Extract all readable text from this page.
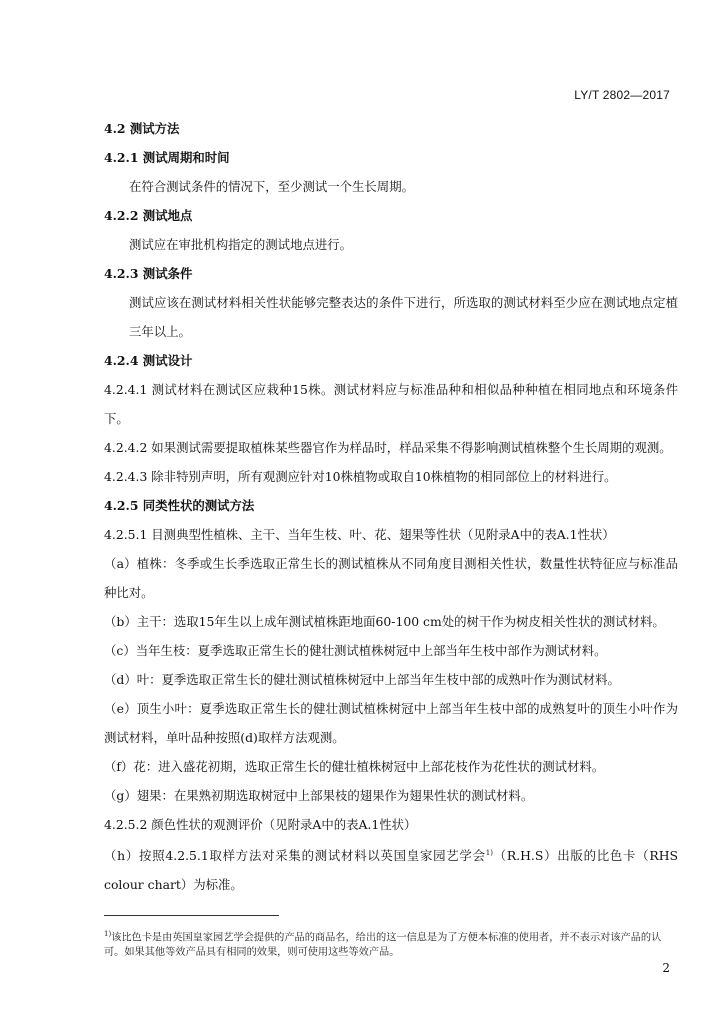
LY/T 2802—2017
4.2 测试方法
4.2.1 测试周期和时间
在符合测试条件的情况下，至少测试一个生长周期。
4.2.2 测试地点
测试应在审批机构指定的测试地点进行。
4.2.3 测试条件
测试应该在测试材料相关性状能够完整表达的条件下进行，所选取的测试材料至少应在测试地点定植三年以上。
4.2.4 测试设计
4.2.4.1 测试材料在测试区应栽种15株。测试材料应与标准品种和相似品种种植在相同地点和环境条件下。
4.2.4.2 如果测试需要提取植株某些器官作为样品时，样品采集不得影响测试植株整个生长周期的观测。
4.2.4.3 除非特别声明，所有观测应针对10株植物或取自10株植物的相同部位上的材料进行。
4.2.5 同类性状的测试方法
4.2.5.1 目测典型性植株、主干、当年生枝、叶、花、翅果等性状（见附录A中的表A.1性状）
（a）植株：冬季或生长季选取正常生长的测试植株从不同角度目测相关性状，数量性状特征应与标准品种比对。
（b）主干：选取15年生以上成年测试植株距地面60-100 cm处的树干作为树皮相关性状的测试材料。
（c）当年生枝：夏季选取正常生长的健壮测试植株树冠中上部当年生枝中部作为测试材料。
（d）叶：夏季选取正常生长的健壮测试植株树冠中上部当年生枝中部的成熟叶作为测试材料。
（e）顶生小叶：夏季选取正常生长的健壮测试植株树冠中上部当年生枝中部的成熟复叶的顶生小叶作为测试材料，单叶品种按照(d)取样方法观测。
（f）花：进入盛花初期，选取正常生长的健壮植株树冠中上部花枝作为花性状的测试材料。
（g）翅果：在果熟初期选取树冠中上部果枝的翅果作为翅果性状的测试材料。
4.2.5.2 颜色性状的观测评价（见附录A中的表A.1性状）
（h）按照4.2.5.1取样方法对采集的测试材料以英国皇家园艺学会$^{1)}$（R.H.S）出版的比色卡（RHS colour chart）为标准。
$^{1)}$该比色卡是由英国皇家园艺学会提供的产品的商品名，给出的这一信息是为了方便本标准的使用者，并不表示对该产品的认可。如果其他等效产品具有相同的效果，则可使用这些等效产品。
2
